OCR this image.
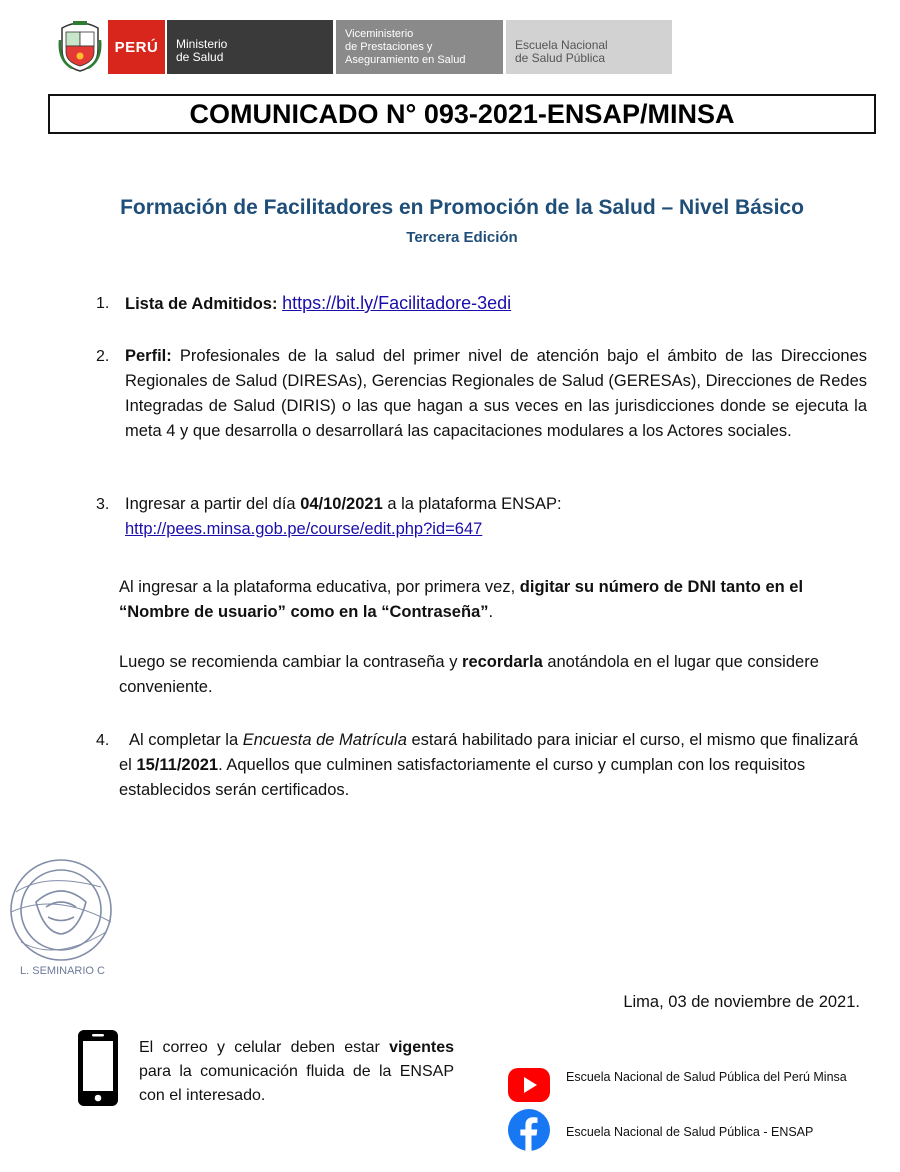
PERÚ	Ministerio
de Salud
Viceministerio
de Prestaciones y
Aseguramiento en Salud
Escuela Nacional
de Salud Pública
COMUNICADO N° 093-2021-ENSAP/MINSA
Formación de Facilitadores en Promoción de la Salud – Nivel Básico
Tercera Edición
1. Lista de Admitidos: https://bit.ly/Facilitadore-3edi
2. Perfil: Profesionales de la salud del primer nivel de atención bajo el ámbito de las Direcciones Regionales de Salud (DIRESAs), Gerencias Regionales de Salud (GERESAs), Direcciones de Redes Integradas de Salud (DIRIS) o las que hagan a sus veces en las jurisdicciones donde se ejecuta la meta 4 y que desarrolla o desarrollará las capacitaciones modulares a los Actores sociales.
3. Ingresar a partir del día 04/10/2021 a la plataforma ENSAP:
http://pees.minsa.gob.pe/course/edit.php?id=647
Al ingresar a la plataforma educativa, por primera vez, digitar su número de DNI tanto en el “Nombre de usuario” como en la “Contraseña”.
Luego se recomienda cambiar la contraseña y recordarla anotándola en el lugar que considere conveniente.
4.	Al completar la Encuesta de Matrícula estará habilitado para iniciar el curso, el mismo que finalizará el 15/11/2021. Aquellos que culminen satisfactoriamente el curso y cumplan con los requisitos establecidos serán certificados.
L. SEMINARIO C
Lima, 03 de noviembre de 2021.
El correo y celular deben estar vigentes para la comunicación fluida de la ENSAP con el interesado.
Escuela Nacional de Salud Pública del Perú Minsa
Escuela Nacional de Salud Pública - ENSAP
